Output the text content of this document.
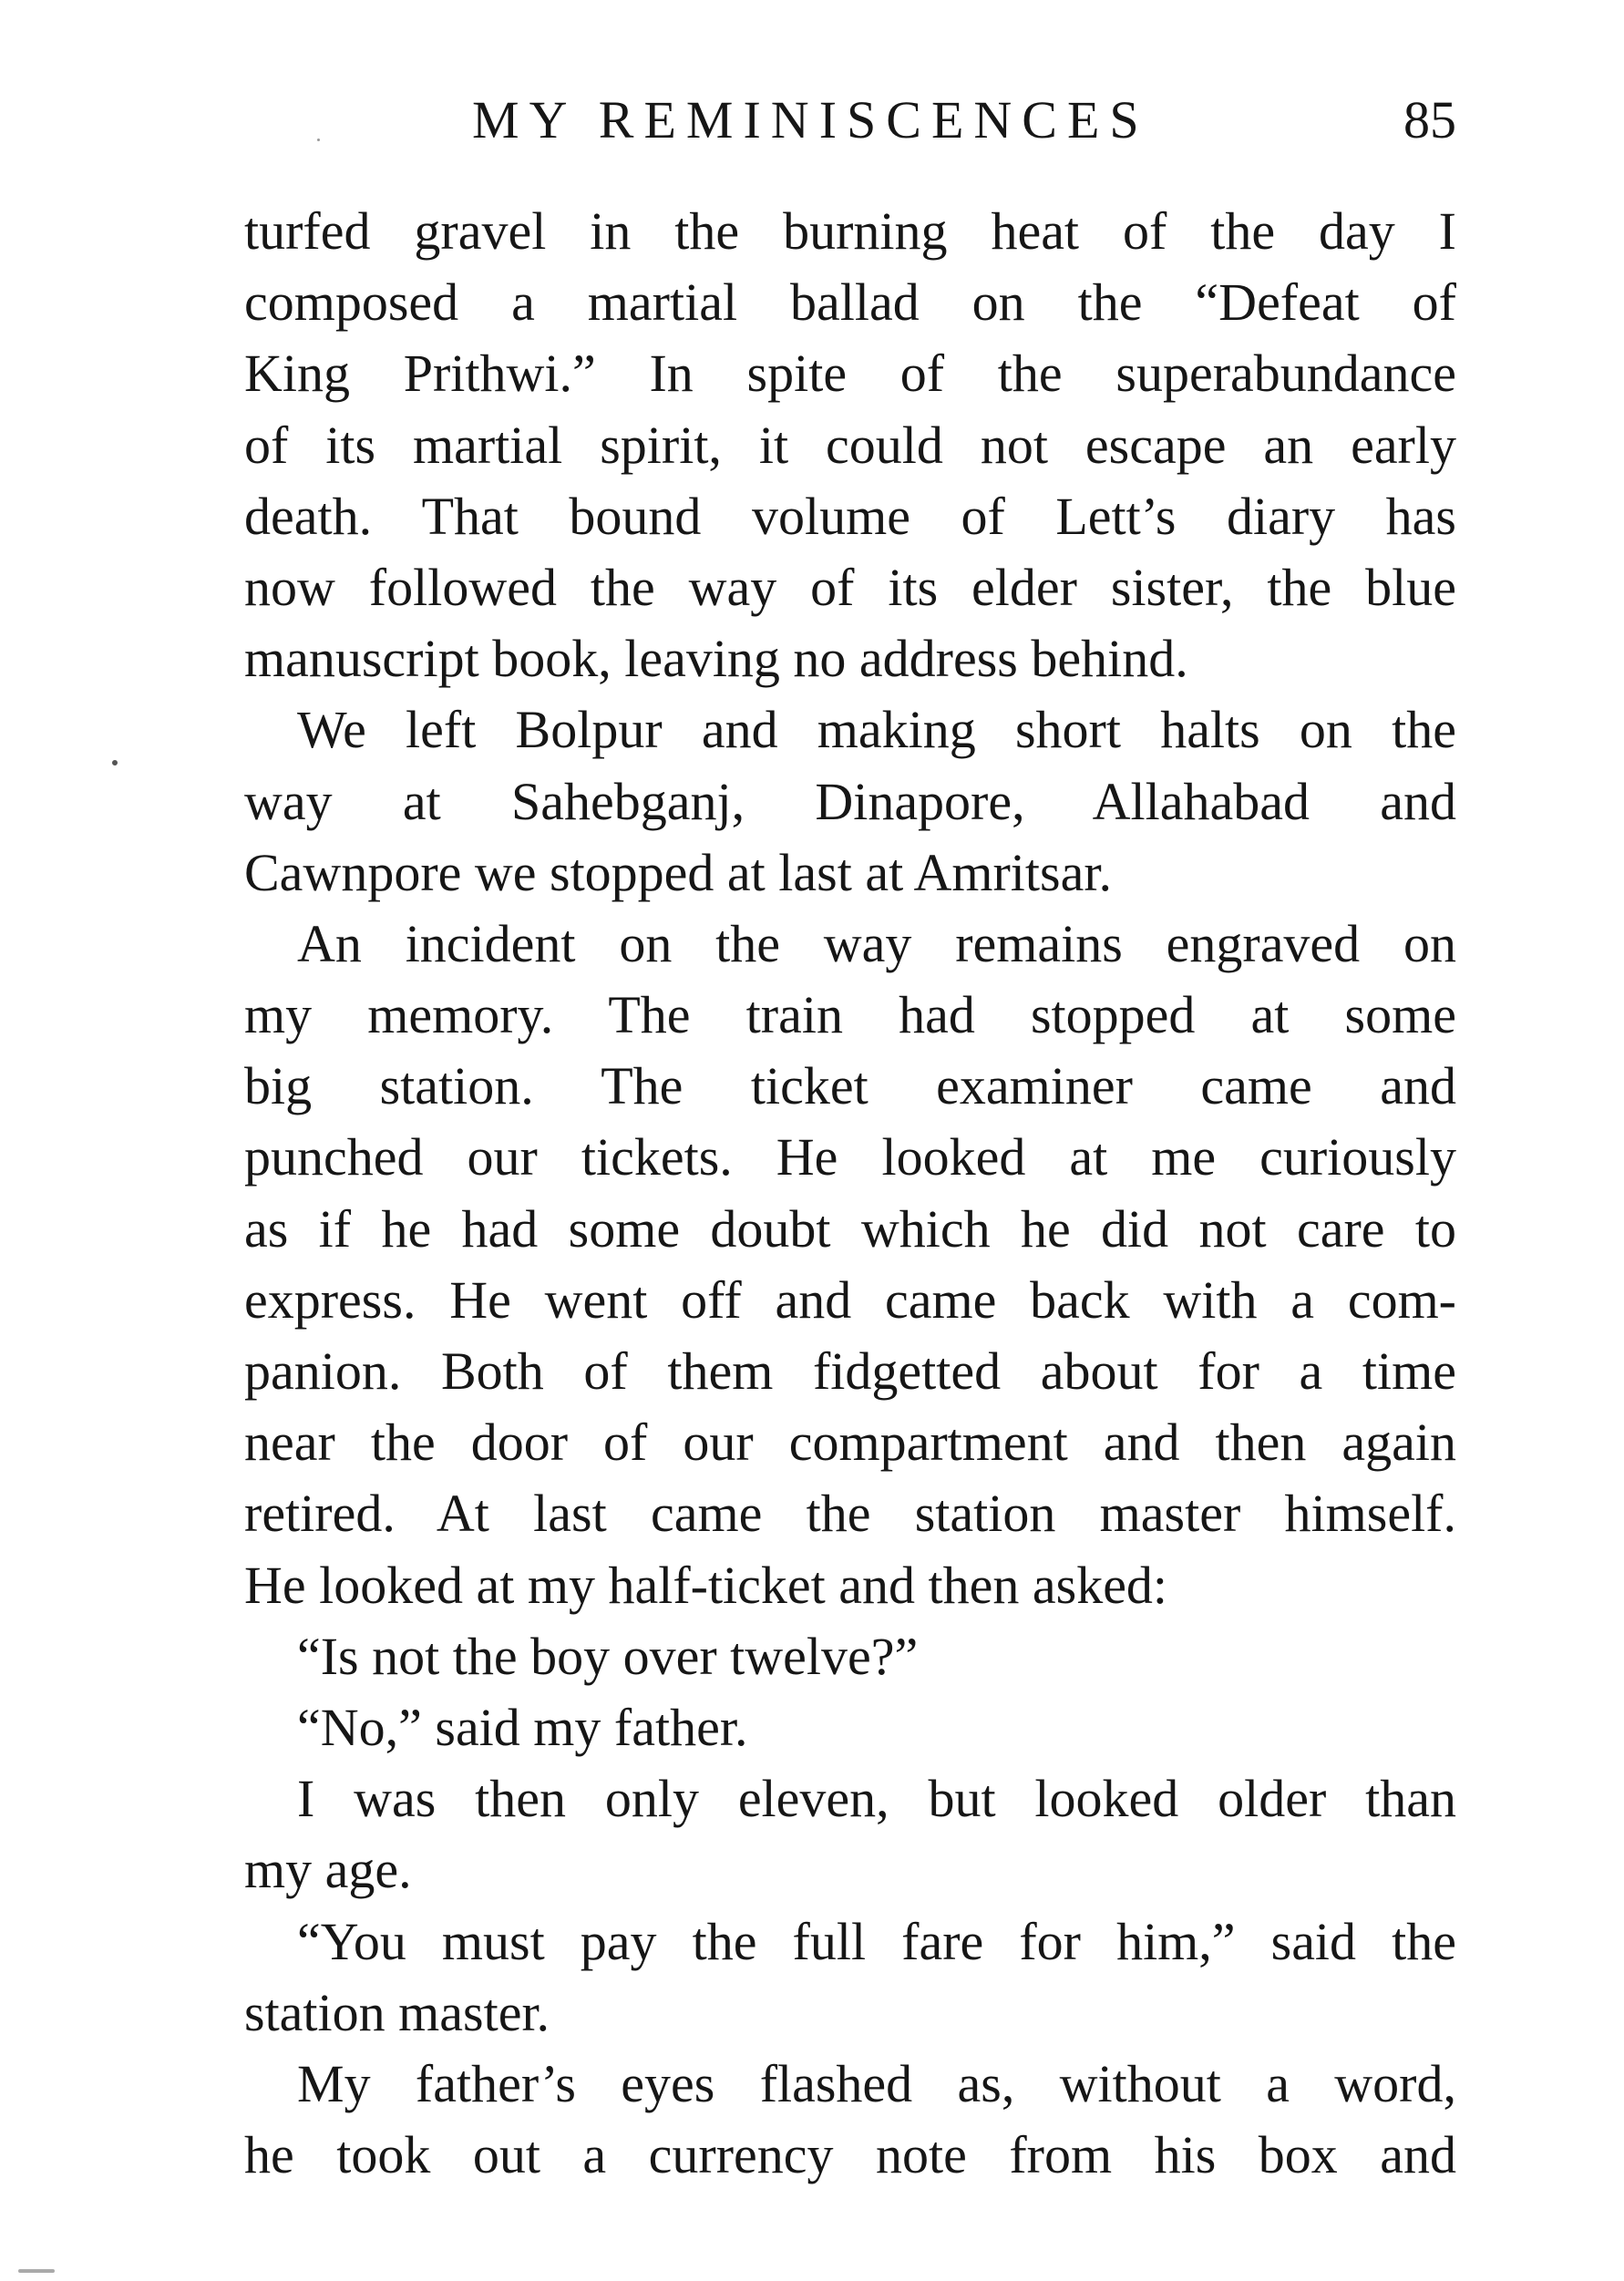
MY REMINISCENCES	85
turfed gravel in the burning heat of the day I
composed a martial ballad on the “Defeat of
King Prithwi.” In spite of the superabundance
of its martial spirit, it could not escape an early
death. That bound volume of Lett’s diary has
now followed the way of its elder sister, the blue
manuscript book, leaving no address behind.
We left Bolpur and making short halts on the
way at Sahebganj, Dinapore, Allahabad and
Cawnpore we stopped at last at Amritsar.
An incident on the way remains engraved on
my memory. The train had stopped at some
big station. The ticket examiner came and
punched our tickets. He looked at me curiously
as if he had some doubt which he did not care to
express. He went off and came back with a com-
panion. Both of them fidgetted about for a time
near the door of our compartment and then again
retired. At last came the station master himself.
He looked at my half-ticket and then asked:
“Is not the boy over twelve?”
“No,” said my father.
I was then only eleven, but looked older than
my age.
“You must pay the full fare for him,” said the
station master.
My father’s eyes flashed as, without a word,
he took out a currency note from his box and
